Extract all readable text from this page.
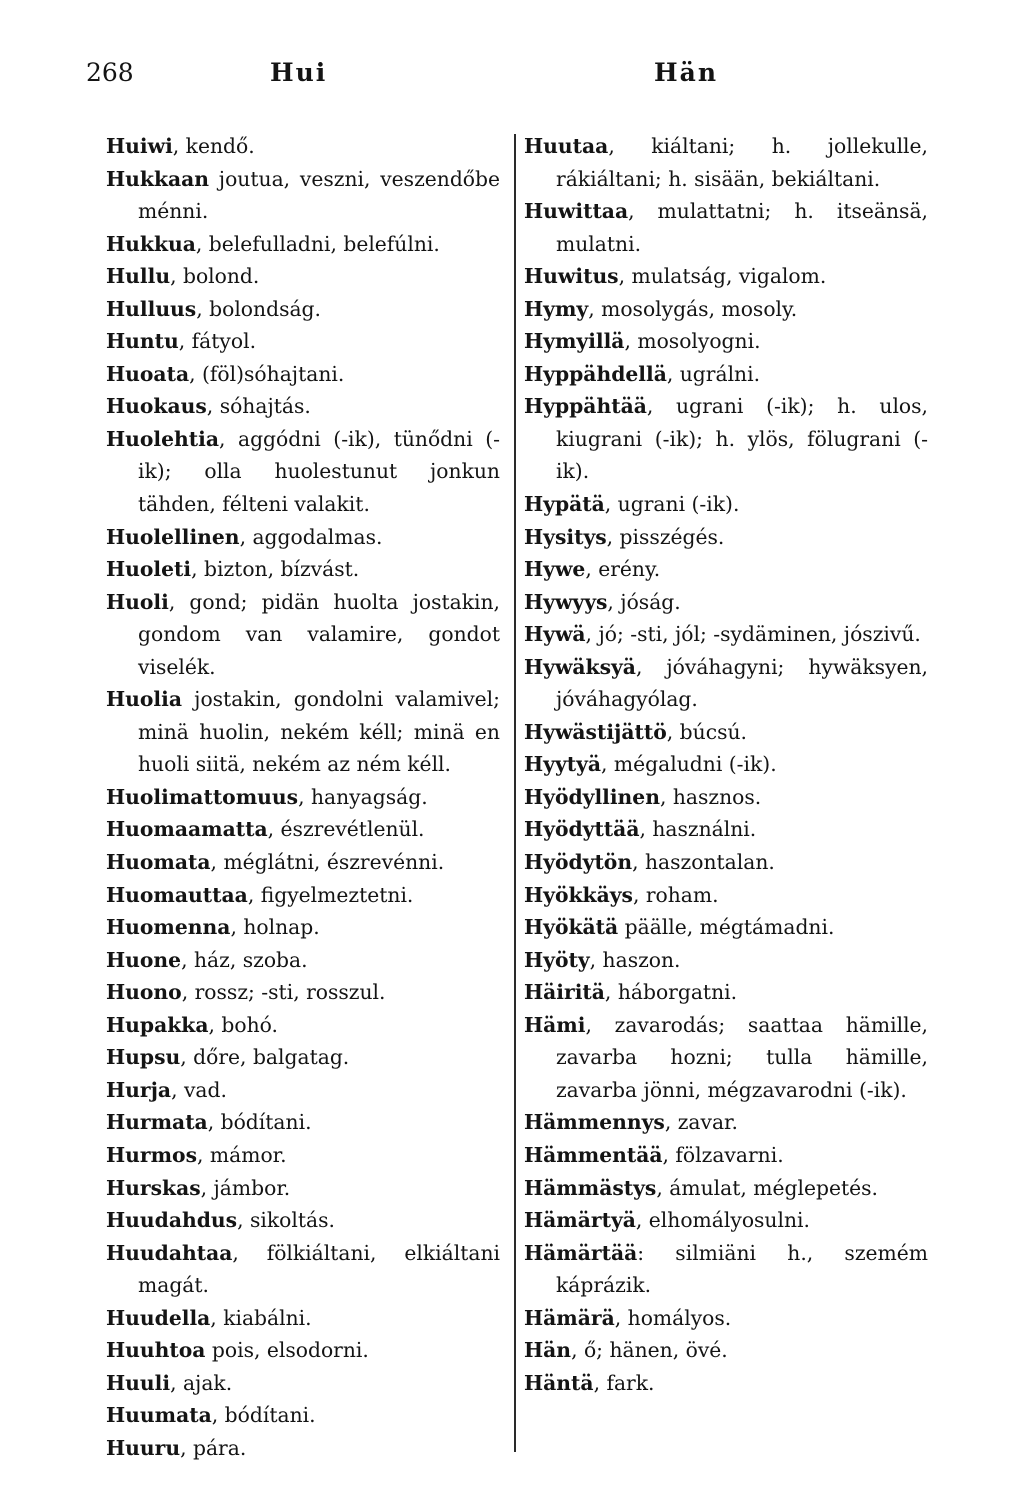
268	Hui	Hän
Huiwi, kendő.
Hukkaan joutua, veszni, veszendőbe ménni.
Hukkua, belefulladni, belefúlni.
Hullu, bolond.
Hulluus, bolondság.
Huntu, fátyol.
Huoata, (föl)sóhajtani.
Huokaus, sóhajtás.
Huolehtia, aggódni (-ik), tünődni (-ik); olla huolestunut jonkun tähden, félteni valakit.
Huolellinen, aggodalmas.
Huoleti, bizton, bízvást.
Huoli, gond; pidän huolta jostakin, gondom van valamire, gondot viselék.
Huolia jostakin, gondolni valamivel; minä huolin, nekém kéll; minä en huoli siitä, nekém az ném kéll.
Huolimattomuus, hanyagság.
Huomaamatta, észrevétlenül.
Huomata, méglátni, észrevénni.
Huomauttaa, figyelmeztetni.
Huomenna, holnap.
Huone, ház, szoba.
Huono, rossz; -sti, rosszul.
Hupakka, bohó.
Hupsu, dőre, balgatag.
Hurja, vad.
Hurmata, bódítani.
Hurmos, mámor.
Hurskas, jámbor.
Huudahdus, sikoltás.
Huudahtaa, fölkiáltani, elkiáltani magát.
Huudella, kiabálni.
Huuhtoa pois, elsodorni.
Huuli, ajak.
Huumata, bódítani.
Huuru, pára.
Huutaa, kiáltani; h. jollekulle, rákiáltani; h. sisään, bekiáltani.
Huwittaa, mulattatni; h. itseänsä, mulatni.
Huwitus, mulatság, vigalom.
Hymy, mosolygás, mosoly.
Hymyillä, mosolyogni.
Hyppähdellä, ugrálni.
Hyppähtää, ugrani (-ik); h. ulos, kiugrani (-ik); h. ylös, fölugrani (-ik).
Hypätä, ugrani (-ik).
Hysitys, pisszégés.
Hywe, erény.
Hywyys, jóság.
Hywä, jó; -sti, jól; -sydäminen, jószivű.
Hywäksyä, jóváhagyni; hywäksyen, jóváhagyólag.
Hywästijättö, búcsú.
Hyytyä, mégaludni (-ik).
Hyödyllinen, hasznos.
Hyödyttää, használni.
Hyödytön, haszontalan.
Hyökkäys, roham.
Hyökätä päälle, mégtámadni.
Hyöty, haszon.
Häiritä, háborgatni.
Hämi, zavarodás; saattaa hämille, zavarba hozni; tulla hämille, zavarba jönni, mégzavarodni (-ik).
Hämmennys, zavar.
Hämmentää, fölzavarni.
Hämmästys, ámulat, méglepetés.
Hämärtyä, elhomályosulni.
Hämärtää: silmiäni h., szemém káprázik.
Hämärä, homályos.
Hän, ő; hänen, övé.
Häntä, fark.
